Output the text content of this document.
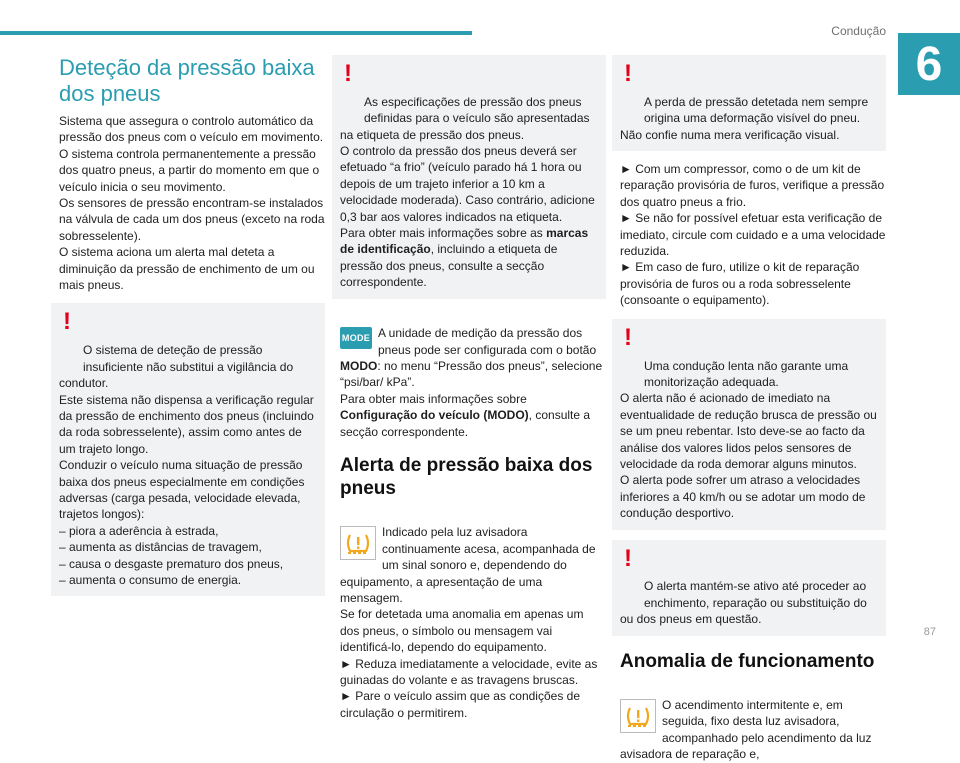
Condução
6
Deteção da pressão baixa dos pneus

Sistema que assegura o controlo automático da pressão dos pneus com o veículo em movimento.
O sistema controla permanentemente a pressão dos quatro pneus, a partir do momento em que o veículo inicia o seu movimento.
Os sensores de pressão encontram-se instalados na válvula de cada um dos pneus (exceto na roda sobresselente).
O sistema aciona um alerta mal deteta a diminuição da pressão de enchimento de um ou mais pneus.

!

O sistema de deteção de pressão insuficiente não substitui a vigilância do
condutor.
Este sistema não dispensa a verificação regular da pressão de enchimento dos pneus (incluindo da roda sobresselente), assim como antes de um trajeto longo.
Conduzir o veículo numa situação de pressão baixa dos pneus especialmente em condições adversas (carga pesada, velocidade elevada, trajetos longos):
– piora a aderência à estrada,
– aumenta as distâncias de travagem,
– causa o desgaste prematuro dos pneus,
– aumenta o consumo de energia.

!

As especificações de pressão dos pneus definidas para o veículo são apresentadas
na etiqueta de pressão dos pneus.
O controlo da pressão dos pneus deverá ser efetuado “a frio” (veículo parado há 1 hora ou depois de um trajeto inferior a 10 km a velocidade moderada). Caso contrário, adicione 0,3 bar aos valores indicados na etiqueta.
Para obter mais informações sobre as marcas de identificação, incluindo a etiqueta de pressão dos pneus, consulte a secção correspondente.

MODE A unidade de medição da pressão dos pneus pode ser configurada com o botão MODO: no menu “Pressão dos pneus”, selecione “psi/bar/ kPa”.
Para obter mais informações sobre Configuração do veículo (MODO), consulte a secção correspondente.

Alerta de pressão baixa dos pneus

Indicado pela luz avisadora continuamente acesa, acompanhada de um sinal sonoro e, dependendo do equipamento, a apresentação de uma mensagem.
Se for detetada uma anomalia em apenas um dos pneus, o símbolo ou mensagem vai identificá-lo, dependo do equipamento.

► Reduza imediatamente a velocidade, evite as guinadas do volante e as travagens bruscas.
► Pare o veículo assim que as condições de circulação o permitirem.

!

A perda de pressão detetada nem sempre origina uma deformação visível do pneu.
Não confie numa mera verificação visual.

► Com um compressor, como o de um kit de reparação provisória de furos, verifique a pressão dos quatro pneus a frio.
► Se não for possível efetuar esta verificação de imediato, circule com cuidado e a uma velocidade reduzida.
► Em caso de furo, utilize o kit de reparação provisória de furos ou a roda sobresselente (consoante o equipamento).

!

Uma condução lenta não garante uma monitorização adequada.
O alerta não é acionado de imediato na eventualidade de redução brusca de pressão ou se um pneu rebentar. Isto deve-se ao facto da análise dos valores lidos pelos sensores de velocidade da roda demorar alguns minutos.
O alerta pode sofrer um atraso a velocidades inferiores a 40 km/h ou se adotar um modo de condução desportivo.

!

O alerta mantém-se ativo até proceder ao enchimento, reparação ou substituição do
ou dos pneus em questão.

Anomalia de funcionamento

O acendimento intermitente e, em seguida, fixo desta luz avisadora, acompanhado pelo acendimento da luz avisadora de reparação e,

87
